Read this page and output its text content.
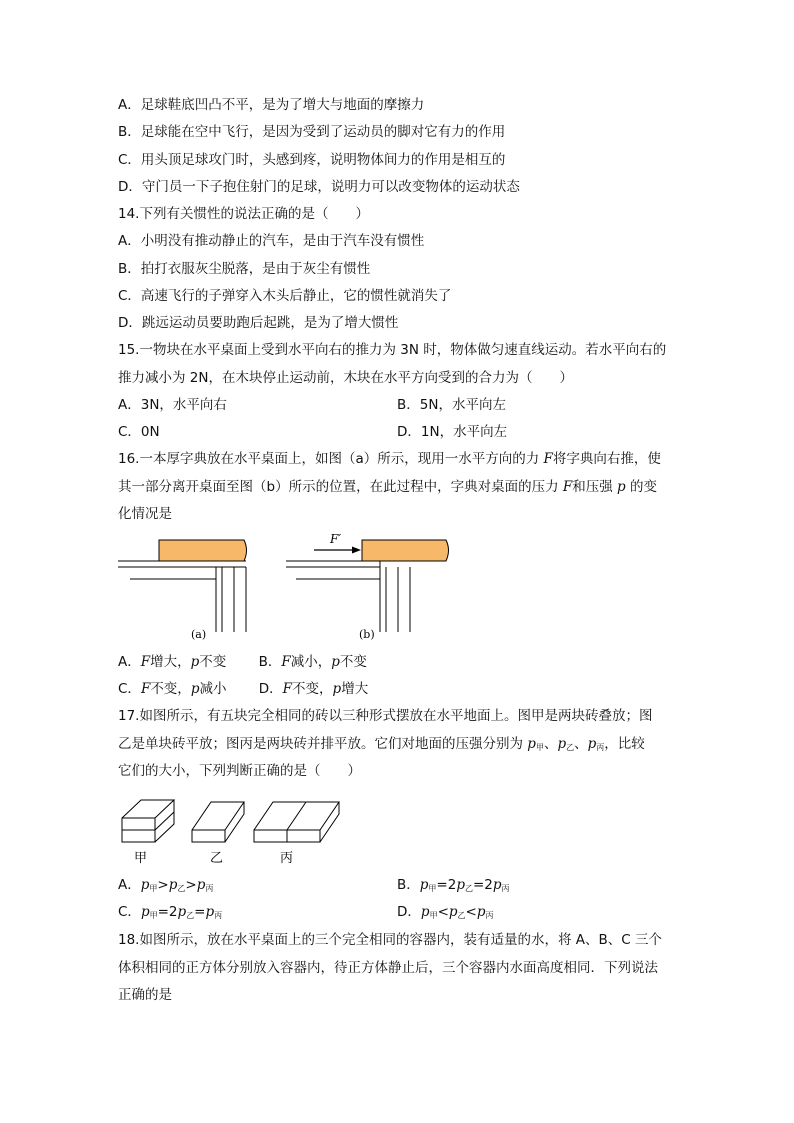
A．足球鞋底凹凸不平，是为了增大与地面的摩擦力
B．足球能在空中飞行，是因为受到了运动员的脚对它有力的作用
C．用头顶足球攻门时，头感到疼，说明物体间力的作用是相互的
D．守门员一下子抱住射门的足球，说明力可以改变物体的运动状态
14.下列有关惯性的说法正确的是（　　）
A．小明没有推动静止的汽车，是由于汽车没有惯性
B．拍打衣服灰尘脱落，是由于灰尘有惯性
C．高速飞行的子弹穿入木头后静止，它的惯性就消失了
D．跳远运动员要助跑后起跳，是为了增大惯性
15.一物块在水平桌面上受到水平向右的推力为 3N 时，物体做匀速直线运动。若水平向右的
推力减小为 2N，在木块停止运动前，木块在水平方向受到的合力为（　　）
A．3N，水平向右	B．5N，水平向左
C．0N	D．1N，水平向左
16.一本厚字典放在水平桌面上，如图（a）所示，现用一水平方向的力 F将字典向右推，使
其一部分离开桌面至图（b）所示的位置，在此过程中，字典对桌面的压力 F和压强 p 的变
化情况是
(a)
F′
(b)
A．F增大，p不变 B．F减小，p不变
C．F不变，p减小 D．F不变，p增大
17.如图所示，有五块完全相同的砖以三种形式摆放在水平地面上。图甲是两块砖叠放；图
乙是单块砖平放；图丙是两块砖并排平放。它们对地面的压强分别为 $p_甲$、$p_乙$、$p_丙$，比较
它们的大小，下列判断正确的是（　　）
甲	乙	丙
A．$p_甲>p_乙>p_丙$	B．$p_甲=2p_乙=2p_丙$
C．$p_甲=2p_乙=p_丙$	D．$p_甲<p_乙<p_丙$
18.如图所示，放在水平桌面上的三个完全相同的容器内，装有适量的水，将 A、B、C 三个
体积相同的正方体分别放入容器内，待正方体静止后，三个容器内水面高度相同．下列说法
正确的是
